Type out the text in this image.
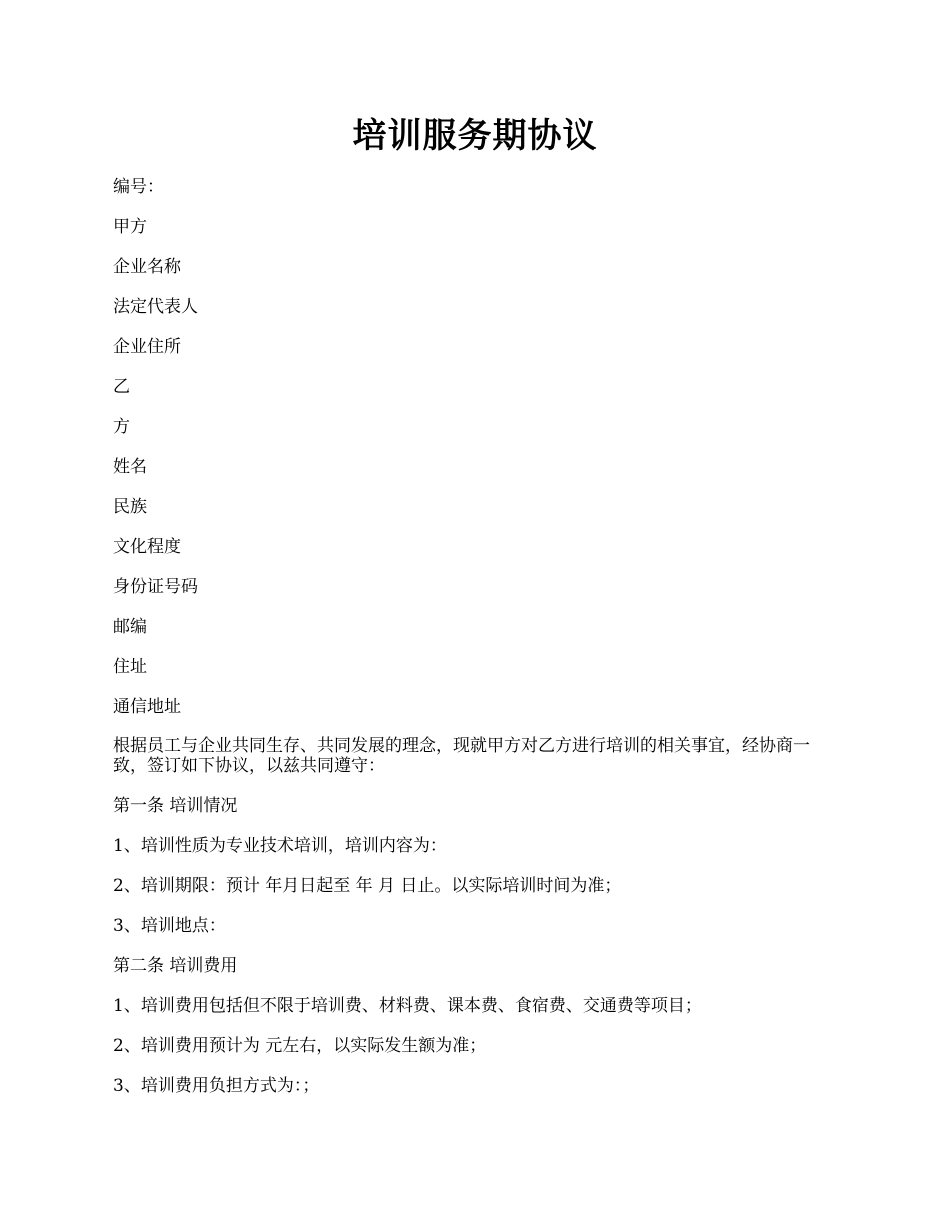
培训服务期协议

编号：

甲方

企业名称

法定代表人

企业住所

乙

方

姓名

民族

文化程度

身份证号码

邮编

住址

通信地址

根据员工与企业共同生存、共同发展的理念，现就甲方对乙方进行培训的相关事宜，经协商一致，签订如下协议，以兹共同遵守：

第一条 培训情况

1、培训性质为专业技术培训，培训内容为：

2、培训期限：预计 年月日起至 年 月 日止。以实际培训时间为准；

3、培训地点：

第二条 培训费用

1、培训费用包括但不限于培训费、材料费、课本费、食宿费、交通费等项目；

2、培训费用预计为 元左右，以实际发生额为准；

3、培训费用负担方式为：；
